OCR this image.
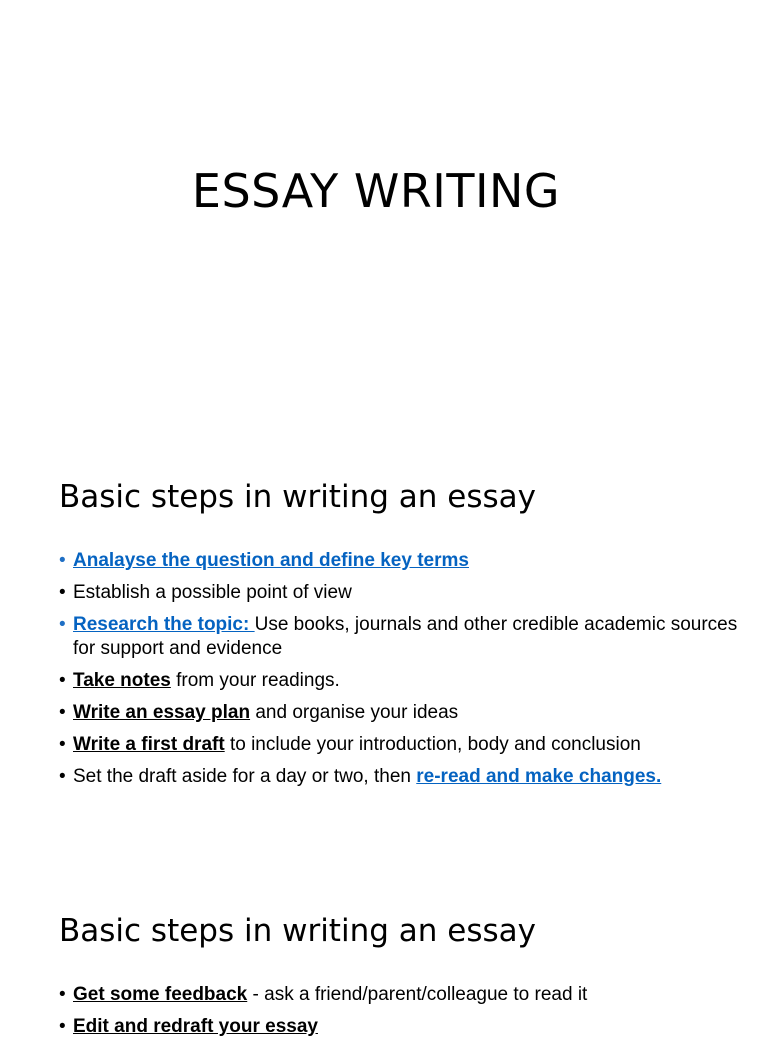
ESSAY WRITING
Basic steps in writing an essay
• Analayse the question and define key terms
• Establish a possible point of view
• Research the topic: Use books, journals and other credible academic sources for support and evidence
• Take notes from your readings.
• Write an essay plan and organise your ideas
• Write a first draft to include your introduction, body and conclusion
• Set the draft aside for a day or two, then re-read and make changes.
Basic steps in writing an essay
• Get some feedback - ask a friend/parent/colleague to read it
• Edit and redraft your essay
